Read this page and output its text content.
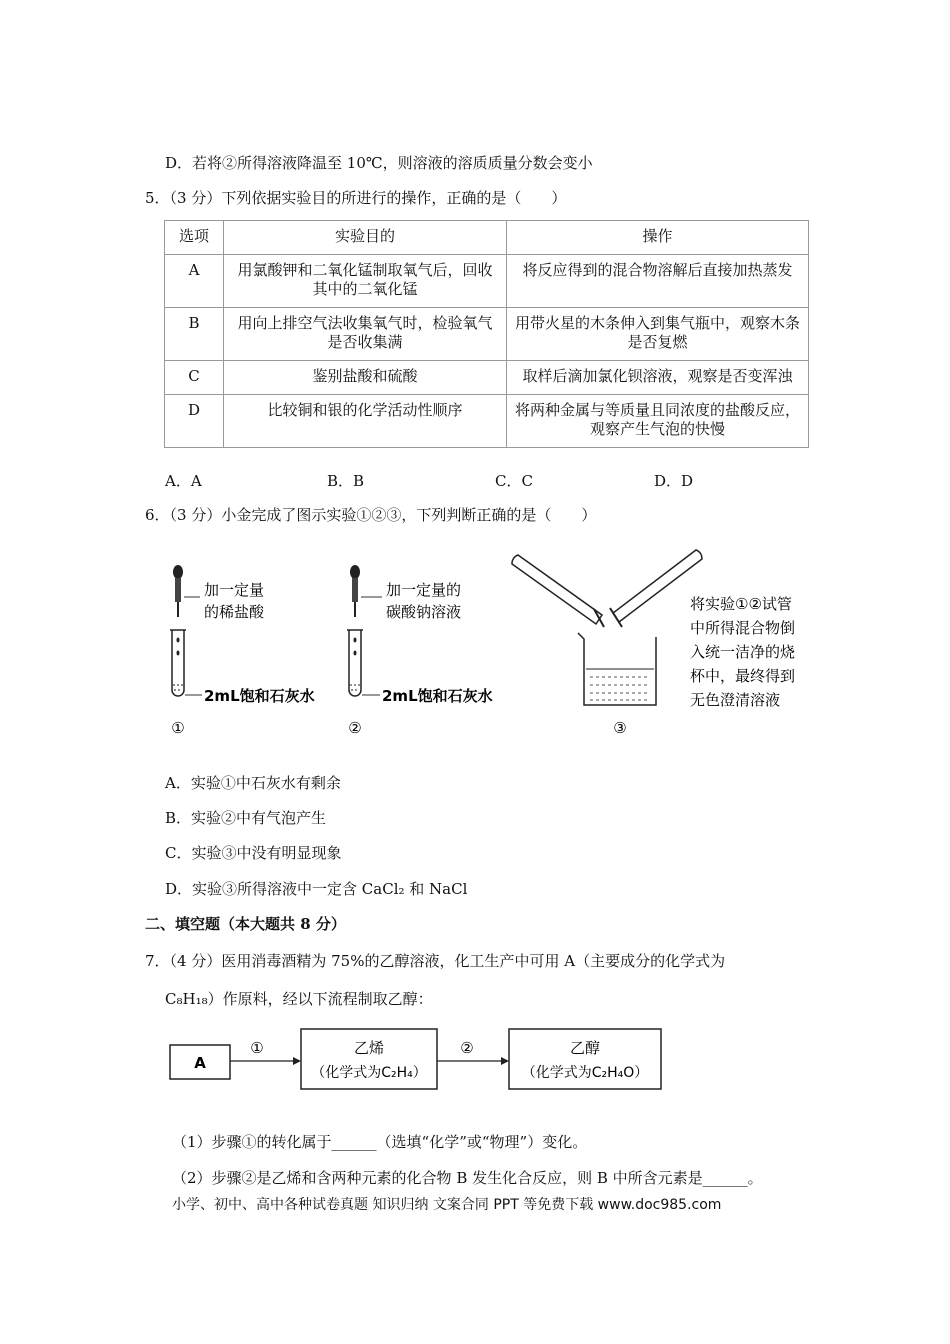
D．若将②所得溶液降温至 10℃，则溶液的溶质质量分数会变小
5．（3 分）下列依据实验目的所进行的操作，正确的是（　　）
选项	实验目的	操作
A	用氯酸钾和二氧化锰制取氧气后，回收其中的二氧化锰	将反应得到的混合物溶解后直接加热蒸发
B	用向上排空气法收集氧气时，检验氧气是否收集满	用带火星的木条伸入到集气瓶中，观察木条是否复燃
C	鉴别盐酸和硫酸	取样后滴加氯化钡溶液，观察是否变浑浊
D	比较铜和银的化学活动性顺序	将两种金属与等质量且同浓度的盐酸反应，观察产生气泡的快慢
A．A	B．B	C．C	D．D
6．（3 分）小金完成了图示实验①②③，下列判断正确的是（　　）
加一定量
的稀盐酸
2mL饱和石灰水
①
加一定量的
碳酸钠溶液
2mL饱和石灰水
②	③
将实验①②试管
中所得混合物倒
入统一洁净的烧
杯中，最终得到
无色澄清溶液
A．实验①中石灰水有剩余
B．实验②中有气泡产生
C．实验③中没有明显现象
D．实验③所得溶液中一定含 CaCl₂ 和 NaCl
二、填空题（本大题共 8 分）
7．（4 分）医用消毒酒精为 75%的乙醇溶液，化工生产中可用 A（主要成分的化学式为
C₈H₁₈）作原料，经以下流程制取乙醇：
A
①	乙烯
（化学式为C₂H₄）
②	乙醇
（化学式为C₂H₄O）
（1）步骤①的转化属于______（选填“化学”或“物理”）变化。
（2）步骤②是乙烯和含两种元素的化合物 B 发生化合反应，则 B 中所含元素是______。
小学、初中、高中各种试卷真题 知识归纳 文案合同 PPT 等免费下载 www.doc985.com
